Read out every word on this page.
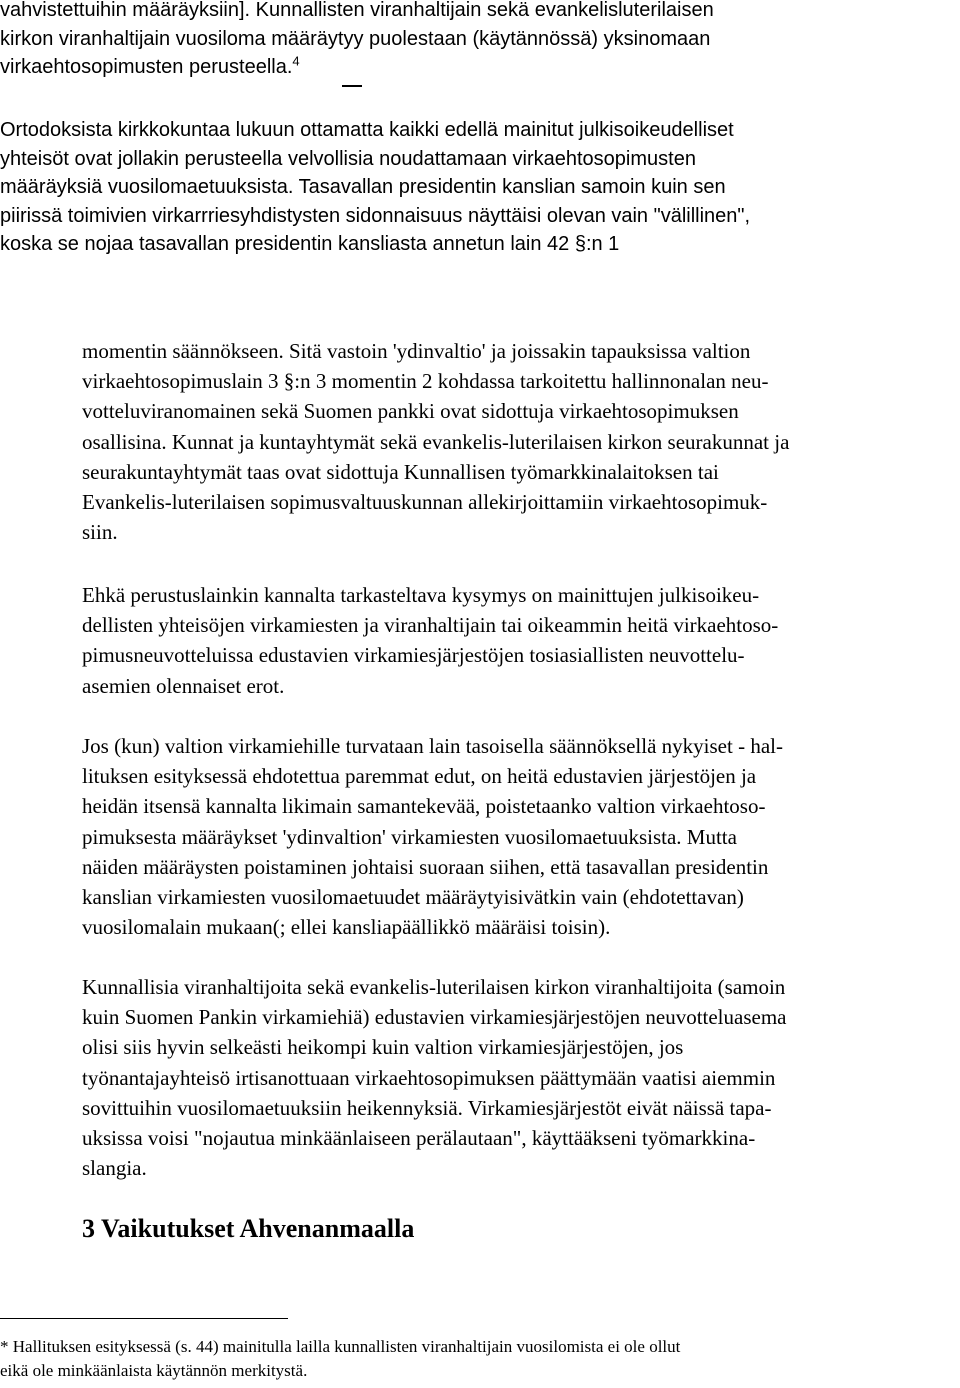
vahvistettuihin määräyksiin]. Kunnallisten viranhaltijain sekä evankelisluterilaisen
kirkon viranhaltijain vuosiloma määräytyy puolestaan (käytännössä) yksinomaan
virkaehtosopimusten perusteella.$^4$
Ortodoksista kirkkokuntaa lukuun ottamatta kaikki edellä mainitut julkisoikeudelliset
yhteisöt ovat jollakin perusteella velvollisia noudattamaan virkaehtosopimusten
määräyksiä vuosilomaetuuksista. Tasavallan presidentin kanslian samoin kuin sen
piirissä toimivien virkarrriesyhdistysten sidonnaisuus näyttäisi olevan vain "välillinen",
koska se nojaa tasavallan presidentin kansliasta annetun lain 42 §:n 1
momentin säännökseen. Sitä vastoin 'ydinvaltio' ja joissakin tapauksissa valtion
virkaehtosopimuslain 3 §:n 3 momentin 2 kohdassa tarkoitettu hallinnonalan neu-
votteluviranomainen sekä Suomen pankki ovat sidottuja virkaehtosopimuksen
osallisina. Kunnat ja kuntayhtymät sekä evankelis-luterilaisen kirkon seurakunnat ja
seurakuntayhtymät taas ovat sidottuja Kunnallisen työmarkkinalaitoksen tai
Evankelis-luterilaisen sopimusvaltuuskunnan allekirjoittamiin virkaehtosopimuk-
siin.
Ehkä perustuslainkin kannalta tarkasteltava kysymys on mainittujen julkisoikeu-
dellisten yhteisöjen virkamiesten ja viranhaltijain tai oikeammin heitä virkaehtoso-
pimusneuvotteluissa edustavien virkamiesjärjestöjen tosiasiallisten neuvottelu-
asemien olennaiset erot.
Jos (kun) valtion virkamiehille turvataan lain tasoisella säännöksellä nykyiset - hal-
lituksen esityksessä ehdotettua paremmat edut, on heitä edustavien järjestöjen ja
heidän itsensä kannalta likimain samantekevää, poistetaanko valtion virkaehtoso-
pimuksesta määräykset 'ydinvaltion' virkamiesten vuosilomaetuuksista. Mutta
näiden määräysten poistaminen johtaisi suoraan siihen, että tasavallan presidentin
kanslian virkamiesten vuosilomaetuudet määräytyisivätkin vain (ehdotettavan)
vuosilomalain mukaan(; ellei kansliapäällikkö määräisi toisin).
Kunnallisia viranhaltijoita sekä evankelis-luterilaisen kirkon viranhaltijoita (samoin
kuin Suomen Pankin virkamiehiä) edustavien virkamiesjärjestöjen neuvotteluasema
olisi siis hyvin selkeästi heikompi kuin valtion virkamiesjärjestöjen, jos
työnantajayhteisö irtisanottuaan virkaehtosopimuksen päättymään vaatisi aiemmin
sovittuihin vuosilomaetuuksiin heikennyksiä. Virkamiesjärjestöt eivät näissä tapa-
uksissa voisi "nojautua minkäänlaiseen perälautaan", käyttääkseni työmarkkina-
slangia.
3 Vaikutukset Ahvenanmaalla
* Hallituksen esityksessä (s. 44) mainitulla lailla kunnallisten viranhaltijain vuosilomista ei ole ollut
eikä ole minkäänlaista käytännön merkitystä.
